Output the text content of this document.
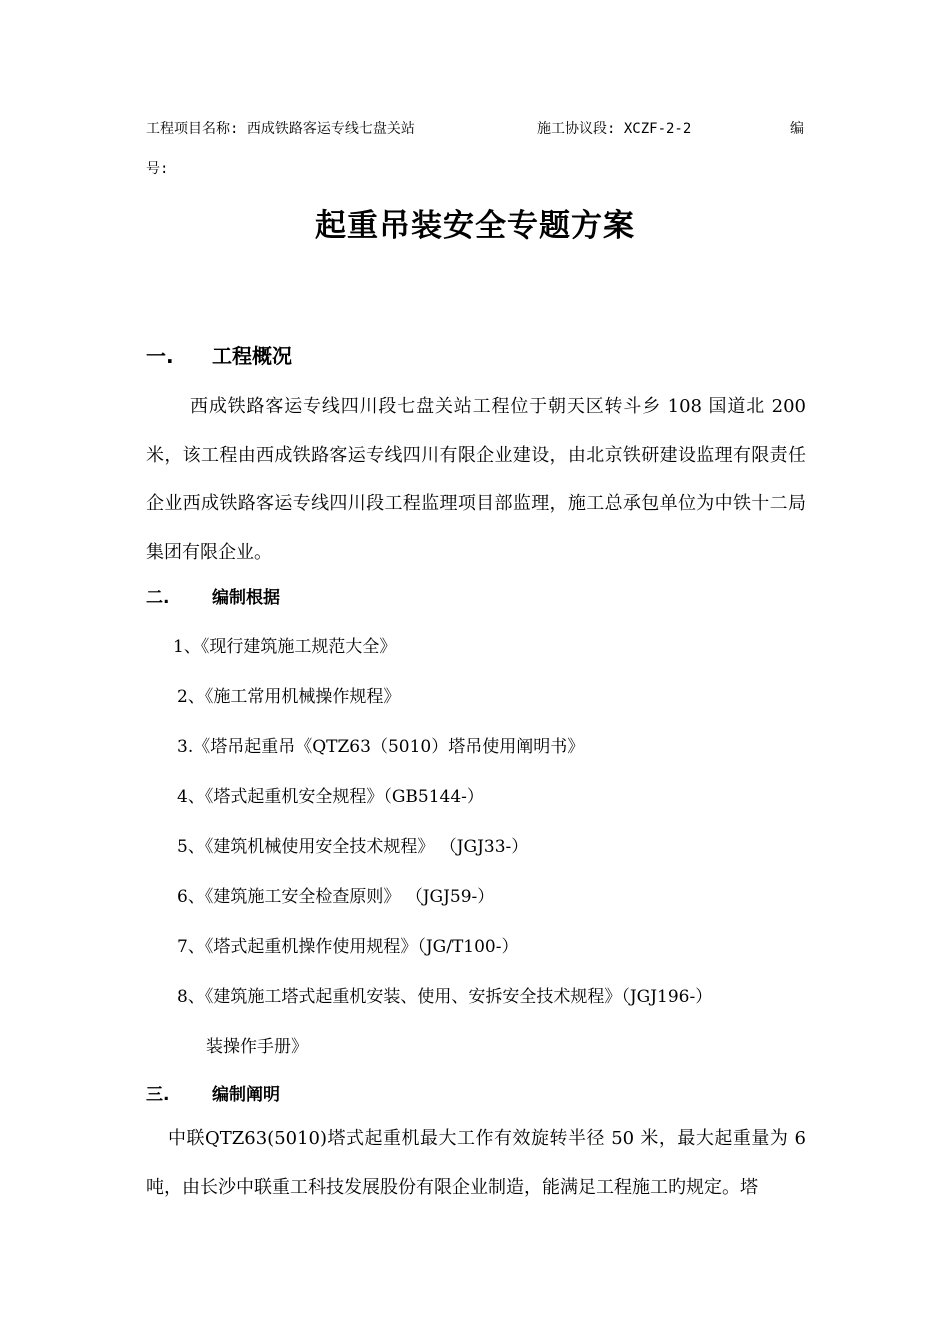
工程项目名称: 西成铁路客运专线七盘关站	施工协议段: XCZF-2-2	编
号:
起重吊装安全专题方案
一. 工程概况
西成铁路客运专线四川段七盘关站工程位于朝天区转斗乡 108 国道北 200 米，该工程由西成铁路客运专线四川有限企业建设，由北京铁研建设监理有限责任企业西成铁路客运专线四川段工程监理项目部监理，施工总承包单位为中铁十二局集团有限企业。
二.	编制根据
1、《现行建筑施工规范大全》
2、《施工常用机械操作规程》
3.《塔吊起重吊《QTZ63（5010）塔吊使用阐明书》
4、《塔式起重机安全规程》（GB5144-）
5、《建筑机械使用安全技术规程》 （JGJ33-）
6、《建筑施工安全检查原则》 （JGJ59-）
7、《塔式起重机操作使用规程》（JG/T100-）
8、《建筑施工塔式起重机安装、使用、安拆安全技术规程》（JGJ196-）
装操作手册》
三.	编制阐明
中联QTZ63(5010)塔式起重机最大工作有效旋转半径 50 米，最大起重量为 6 吨，由长沙中联重工科技发展股份有限企业制造，能满足工程施工旳规定。塔
